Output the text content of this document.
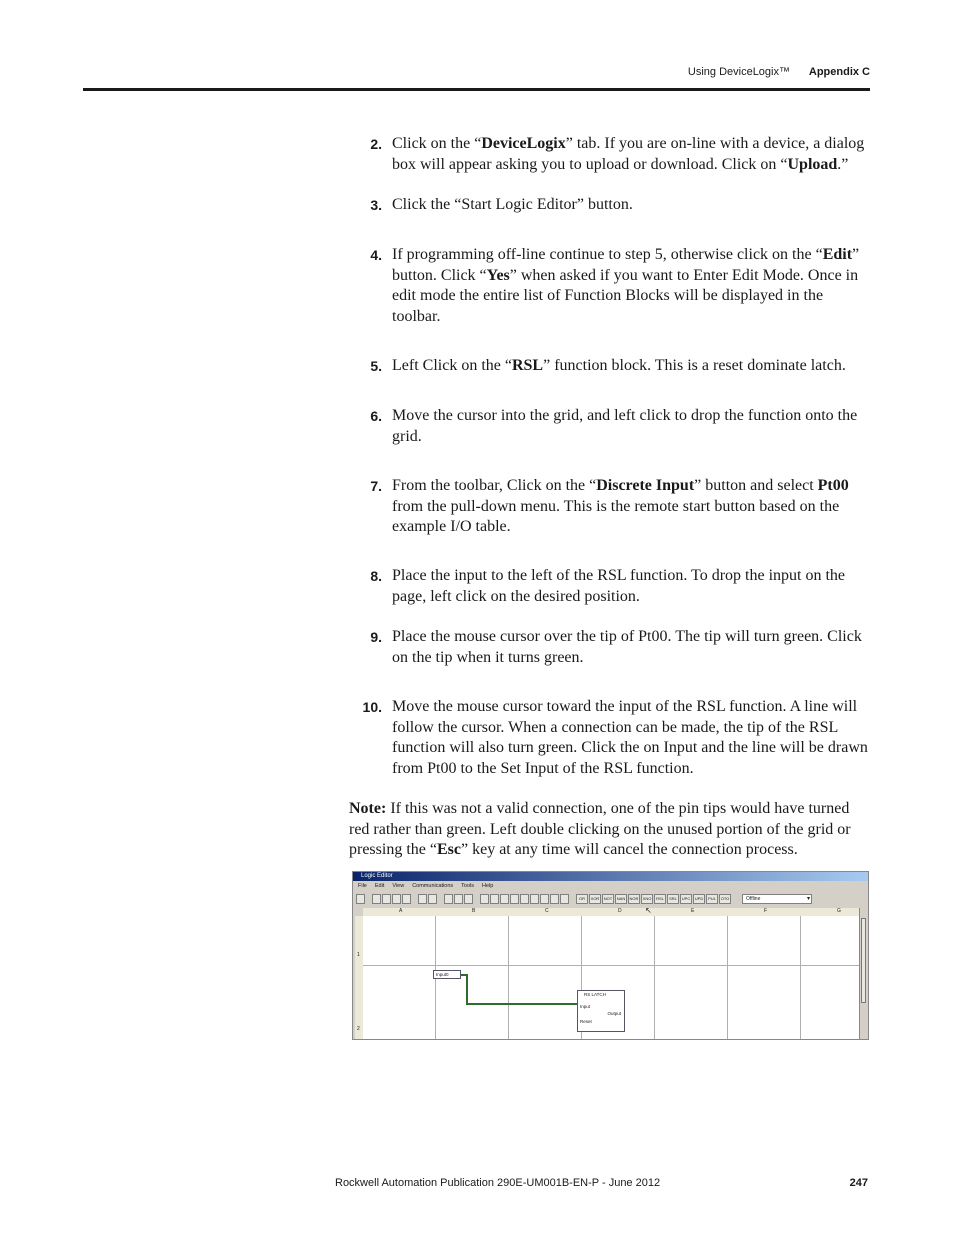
Using DeviceLogix™ Appendix C
2. Click on the “DeviceLogix” tab. If you are on-line with a device, a dialog box will appear asking you to upload or download. Click on “Upload.”
3. Click the “Start Logic Editor” button.
4. If programming off-line continue to step 5, otherwise click on the “Edit” button. Click “Yes” when asked if you want to Enter Edit Mode. Once in edit mode the entire list of Function Blocks will be displayed in the toolbar.
5. Left Click on the “RSL” function block. This is a reset dominate latch.
6. Move the cursor into the grid, and left click to drop the function onto the grid.
7. From the toolbar, Click on the “Discrete Input” button and select Pt00 from the pull-down menu. This is the remote start button based on the example I/O table.
8. Place the input to the left of the RSL function. To drop the input on the page, left click on the desired position.
9. Place the mouse cursor over the tip of Pt00. The tip will turn green. Click on the tip when it turns green.
10. Move the mouse cursor toward the input of the RSL function. A line will follow the cursor. When a connection can be made, the tip of the RSL function will also turn green. Click the on Input and the line will be drawn from Pt00 to the Set Input of the RSL function.
Note: If this was not a valid connection, one of the pin tips would have turned red rather than green. Left double clicking on the unused portion of the grid or pressing the “Esc” key at any time will cancel the connection process.
Logic Editor
File Edit View Communications Tools Help
OR	XOR	NOT	NAN	NOR	XNO	RSL	SRL	UPC	UPD	PUL	OTO	Offline ▾
A	B	C	D	E	F	G
1
2
Input0
RS LATCH
Input
Reset
Output
↖
Rockwell Automation Publication 290E-UM001B-EN-P - June 2012	247
